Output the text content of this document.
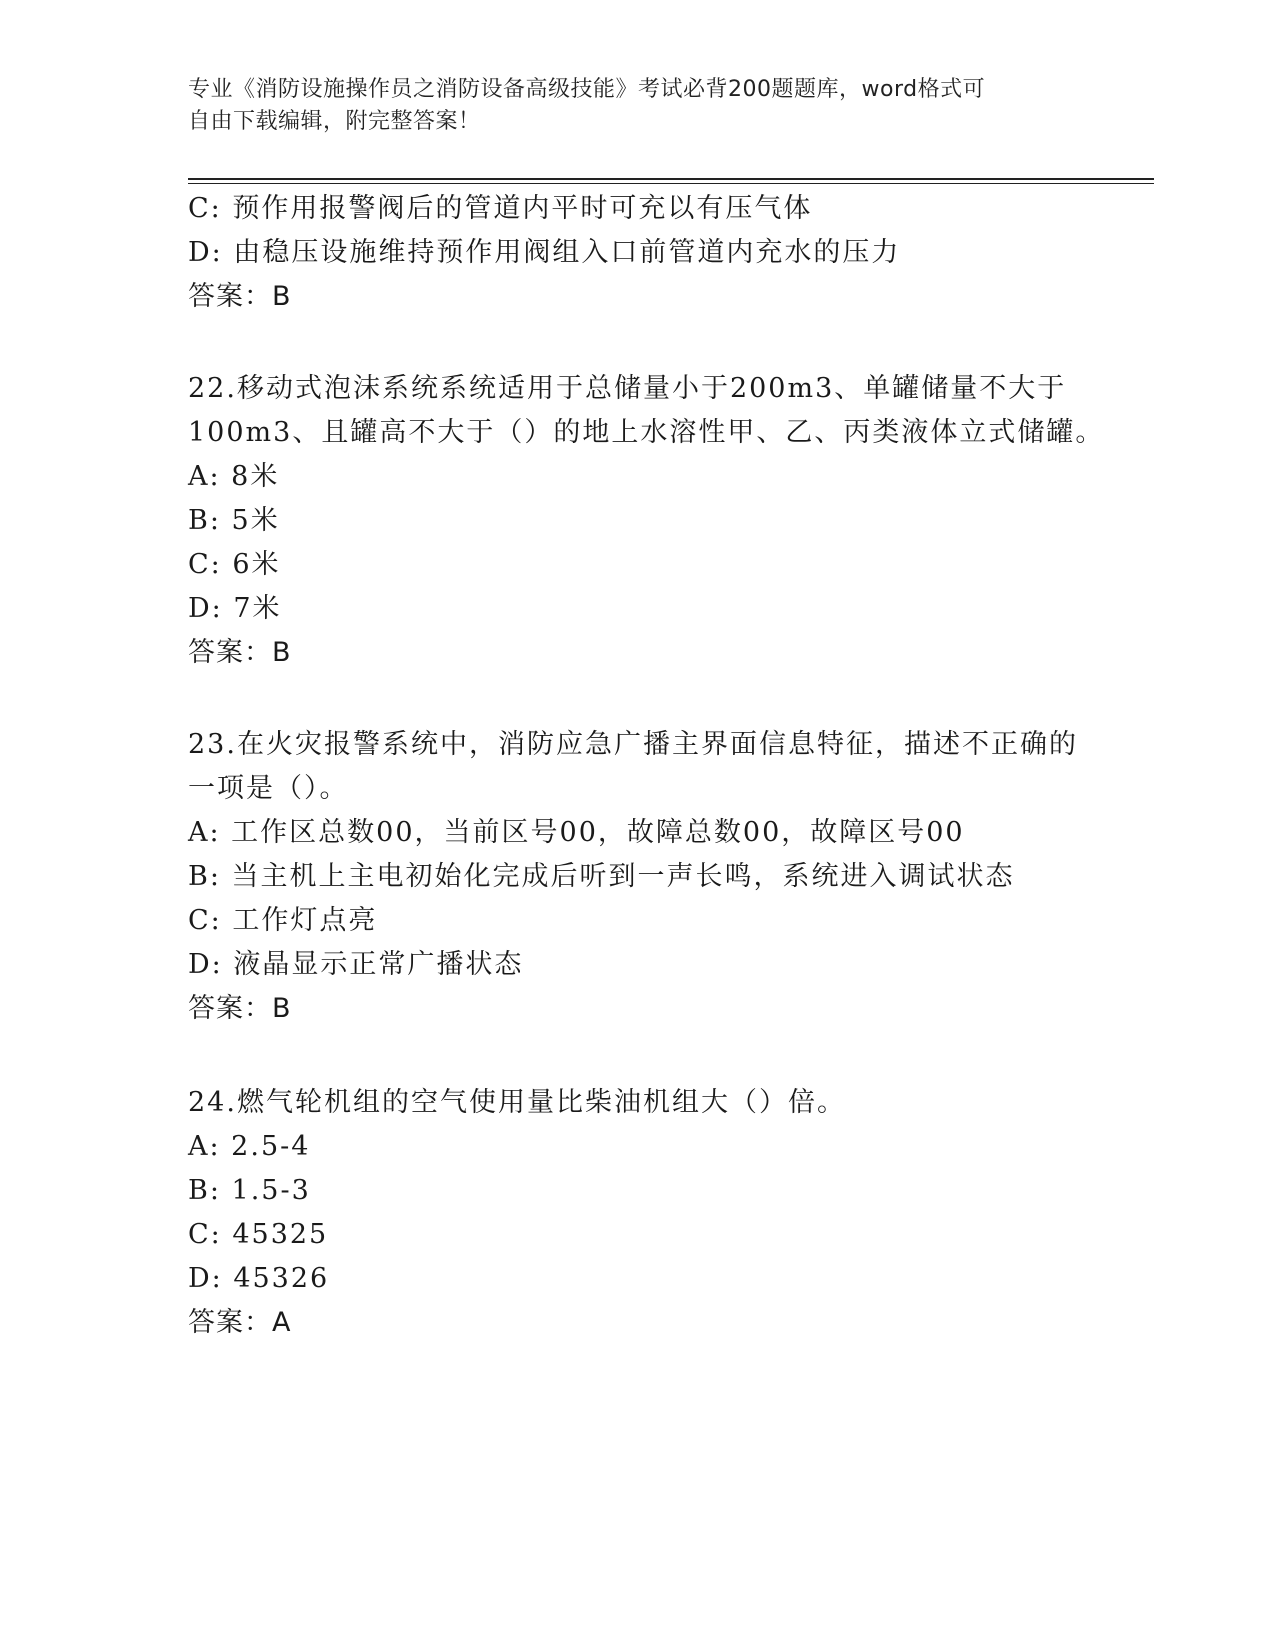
专业《消防设施操作员之消防设备高级技能》考试必背200题题库，word格式可
自由下载编辑，附完整答案！
C: 预作用报警阀后的管道内平时可充以有压气体
D: 由稳压设施维持预作用阀组入口前管道内充水的压力
答案：B
22.移动式泡沫系统系统适用于总储量小于200m3、单罐储量不大于
100m3、且罐高不大于（）的地上水溶性甲、乙、丙类液体立式储罐。
A: 8米
B: 5米
C: 6米
D: 7米
答案：B
23.在火灾报警系统中，消防应急广播主界面信息特征，描述不正确的
一项是（）。
A: 工作区总数00，当前区号00，故障总数00，故障区号00
B: 当主机上主电初始化完成后听到一声长鸣，系统进入调试状态
C: 工作灯点亮
D: 液晶显示正常广播状态
答案：B
24.燃气轮机组的空气使用量比柴油机组大（）倍。
A: 2.5-4
B: 1.5-3
C: 45325
D: 45326
答案：A
